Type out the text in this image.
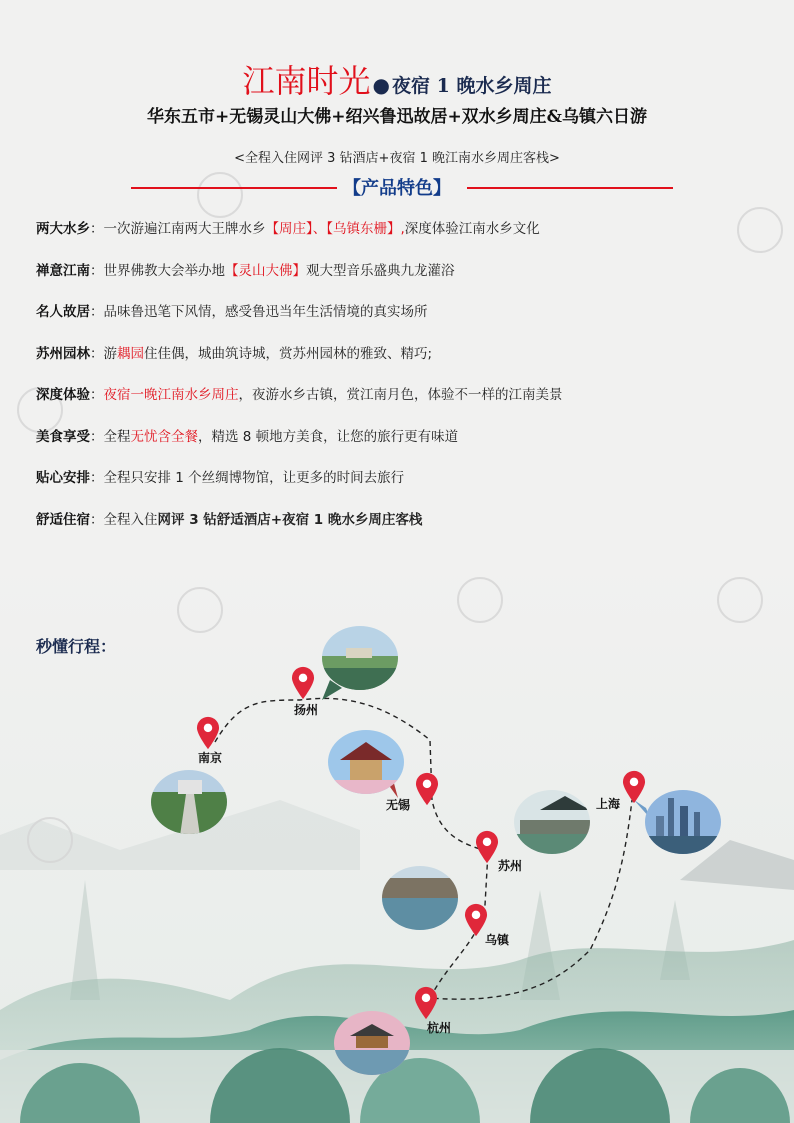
江南时光 ● 夜宿 1 晚水乡周庄
华东五市+无锡灵山大佛+绍兴鲁迅故居+双水乡周庄&乌镇六日游
<全程入住网评 3 钻酒店+夜宿 1 晚江南水乡周庄客栈>
【产品特色】
两大水乡：一次游遍江南两大王牌水乡【周庄】、【乌镇东栅】,深度体验江南水乡文化
禅意江南：世界佛教大会举办地【灵山大佛】观大型音乐盛典九龙灌浴
名人故居：品味鲁迅笔下风情，感受鲁迅当年生活情境的真实场所
苏州园林：游耦园住佳偶，城曲筑诗城，赏苏州园林的雅致、精巧;
深度体验：夜宿一晚江南水乡周庄，夜游水乡古镇，赏江南月色，体验不一样的江南美景
美食享受：全程无忧含全餐，精选 8 顿地方美食，让您的旅行更有味道
贴心安排：全程只安排 1 个丝绸博物馆，让更多的时间去旅行
舒适住宿：全程入住网评 3 钻舒适酒店+夜宿 1 晚水乡周庄客栈
秒懂行程：
南京
扬州
无锡
苏州
上海
乌镇
杭州
